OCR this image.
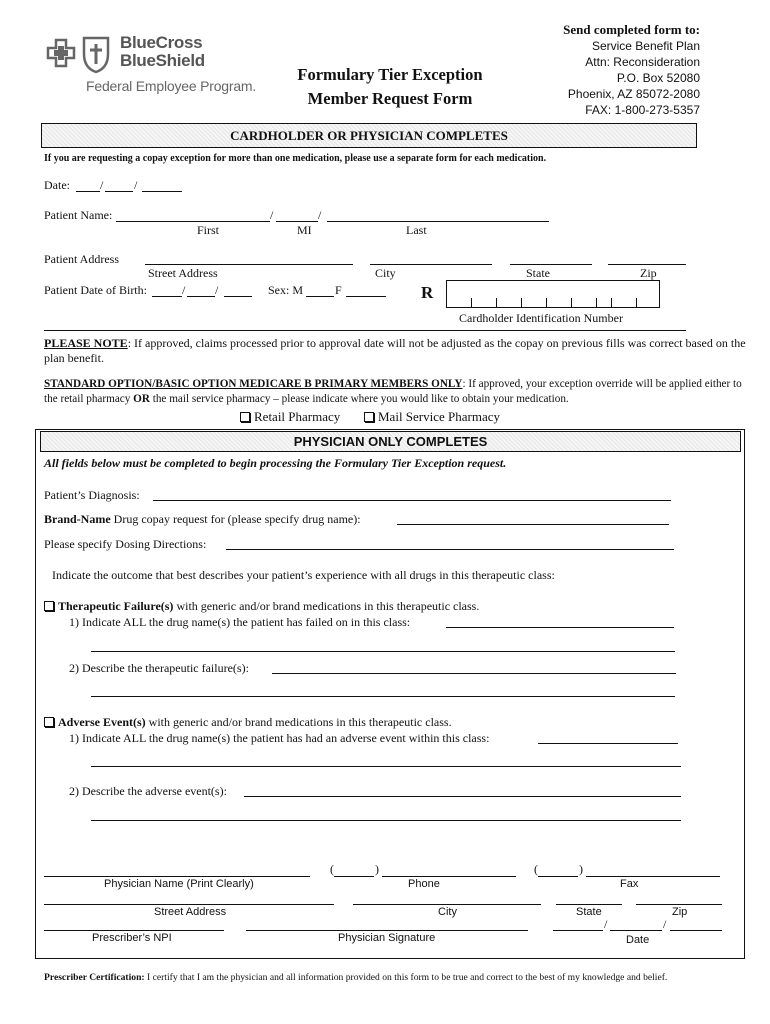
BlueCross
BlueShield
Federal Employee Program.
Formulary Tier Exception
Member Request Form
Send completed form to:
Service Benefit Plan
Attn: Reconsideration
P.O. Box 52080
Phoenix, AZ 85072-2080
FAX: 1-800-273-5357
CARDHOLDER OR PHYSICIAN COMPLETES
If you are requesting a copay exception for more than one medication, please use a separate form for each medication.
Date:	/	/
Patient Name:	/	/
First	MI	Last
Patient Address
Street Address	City	State	Zip
Patient Date of Birth:	/ /	Sex: M	F	R
Cardholder Identification Number
PLEASE NOTE: If approved, claims processed prior to approval date will not be adjusted as the copay on previous fills was correct based on the plan benefit.
STANDARD OPTION/BASIC OPTION MEDICARE B PRIMARY MEMBERS ONLY: If approved, your exception override will be applied either to the retail pharmacy OR the mail service pharmacy – please indicate where you would like to obtain your medication.
Retail Pharmacy	Mail Service Pharmacy
PHYSICIAN ONLY COMPLETES
All fields below must be completed to begin processing the Formulary Tier Exception request.
Patient’s Diagnosis:
Brand-Name Drug copay request for (please specify drug name):
Please specify Dosing Directions:
Indicate the outcome that best describes your patient’s experience with all drugs in this therapeutic class:
Therapeutic Failure(s) with generic and/or brand medications in this therapeutic class.
1) Indicate ALL the drug name(s) the patient has failed on in this class:
2) Describe the therapeutic failure(s):
Adverse Event(s) with generic and/or brand medications in this therapeutic class.
1) Indicate ALL the drug name(s) the patient has had an adverse event within this class:
2) Describe the adverse event(s):
(	)	(	)
Physician Name (Print Clearly)	Phone	Fax
Street Address	City	State	Zip
/	/
Prescriber’s NPI	Physician Signature	Date
Prescriber Certification: I certify that I am the physician and all information provided on this form to be true and correct to the best of my knowledge and belief.
